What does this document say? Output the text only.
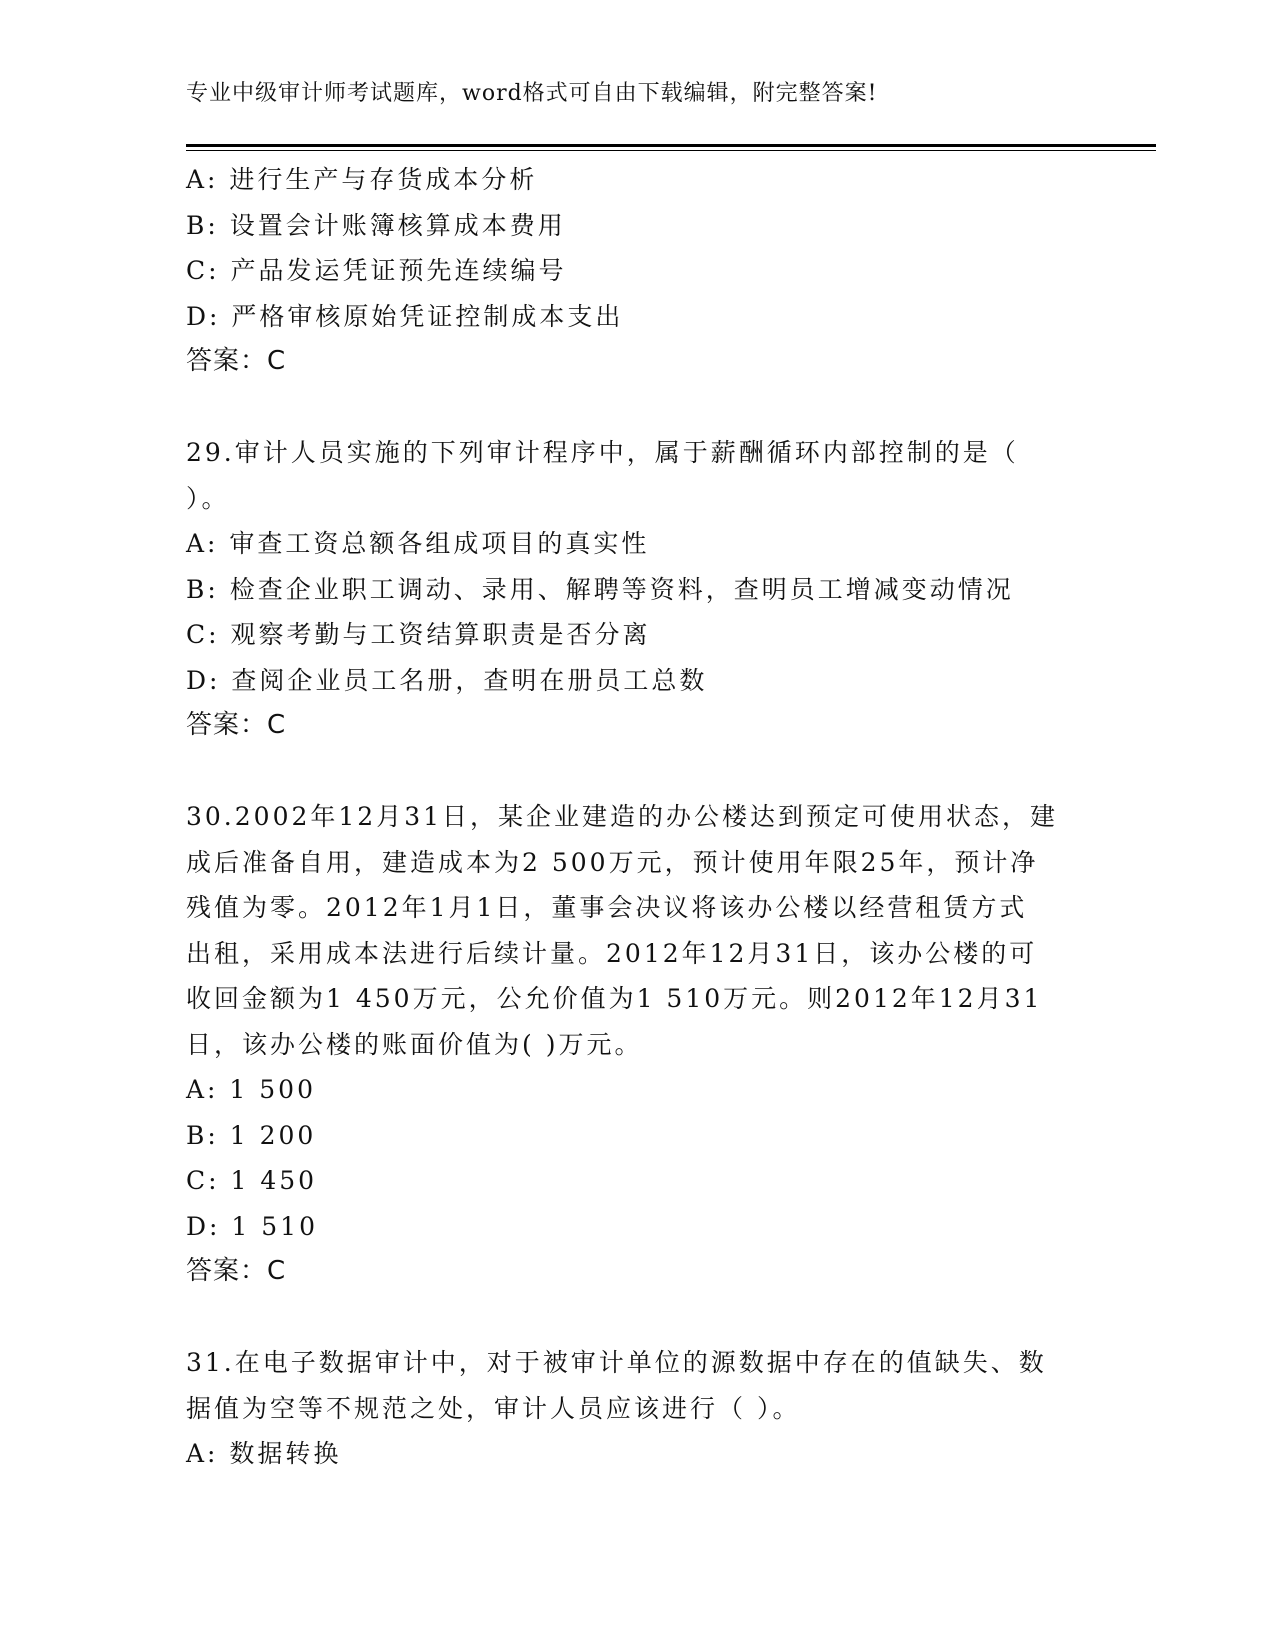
专业中级审计师考试题库，word格式可自由下载编辑，附完整答案!
A: 进行生产与存货成本分析
B: 设置会计账簿核算成本费用
C: 产品发运凭证预先连续编号
D: 严格审核原始凭证控制成本支出
答案：C
29.审计人员实施的下列审计程序中，属于薪酬循环内部控制的是（
）。
A: 审查工资总额各组成项目的真实性
B: 检查企业职工调动、录用、解聘等资料，查明员工增减变动情况
C: 观察考勤与工资结算职责是否分离
D: 查阅企业员工名册，查明在册员工总数
答案：C
30.2002年12月31日，某企业建造的办公楼达到预定可使用状态，建
成后准备自用，建造成本为2 500万元，预计使用年限25年，预计净
残值为零。2012年1月1日，董事会决议将该办公楼以经营租赁方式
出租，采用成本法进行后续计量。2012年12月31日，该办公楼的可
收回金额为1 450万元，公允价值为1 510万元。则2012年12月31
日，该办公楼的账面价值为( )万元。
A: 1 500
B: 1 200
C: 1 450
D: 1 510
答案：C
31.在电子数据审计中，对于被审计单位的源数据中存在的值缺失、数
据值为空等不规范之处，审计人员应该进行（ ）。
A: 数据转换
